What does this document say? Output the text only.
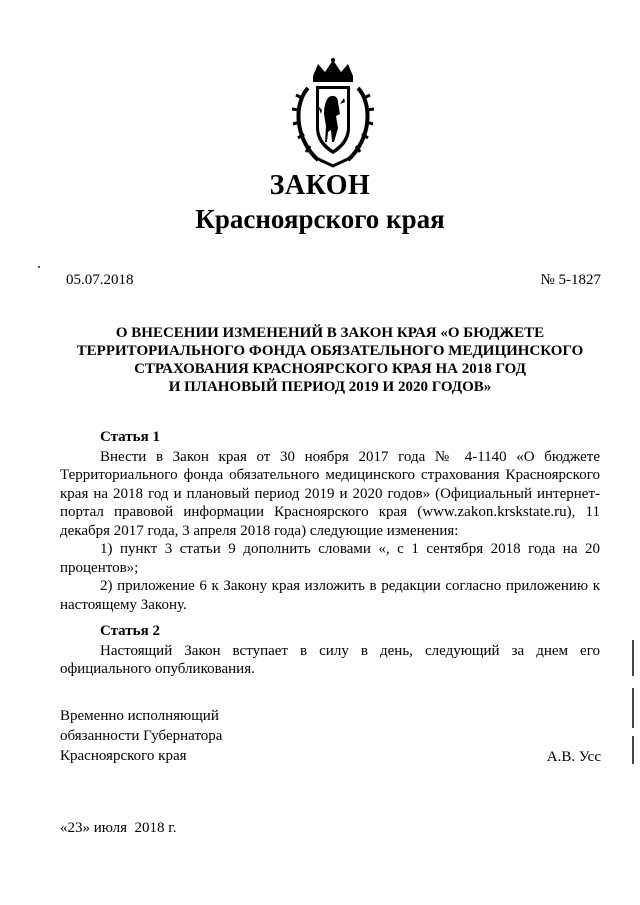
ЗАКОН
Красноярского края
05.07.2018	№ 5-1827
О ВНЕСЕНИИ ИЗМЕНЕНИЙ В ЗАКОН КРАЯ «О БЮДЖЕТЕ
ТЕРРИТОРИАЛЬНОГО ФОНДА ОБЯЗАТЕЛЬНОГО МЕДИЦИНСКОГО
СТРАХОВАНИЯ КРАСНОЯРСКОГО КРАЯ НА 2018 ГОД
И ПЛАНОВЫЙ ПЕРИОД 2019 И 2020 ГОДОВ»
Статья 1

Внести в Закон края от 30 ноября 2017 года № 4-1140 «О бюджете Территориального фонда обязательного медицинского страхования Красноярского края на 2018 год и плановый период 2019 и 2020 годов» (Официальный интернет-портал правовой информации Красноярского края (www.zakon.krskstate.ru), 11 декабря 2017 года, 3 апреля 2018 года) следующие изменения:

1) пункт 3 статьи 9 дополнить словами «, с 1 сентября 2018 года на 20 процентов»;

2) приложение 6 к Закону края изложить в редакции согласно приложению к настоящему Закону.

Статья 2

Настоящий Закон вступает в силу в день, следующий за днем его официального опубликования.

Временно исполняющий
обязанности Губернатора
Красноярского края	А.В. Усс
«23» июля  2018 г.
